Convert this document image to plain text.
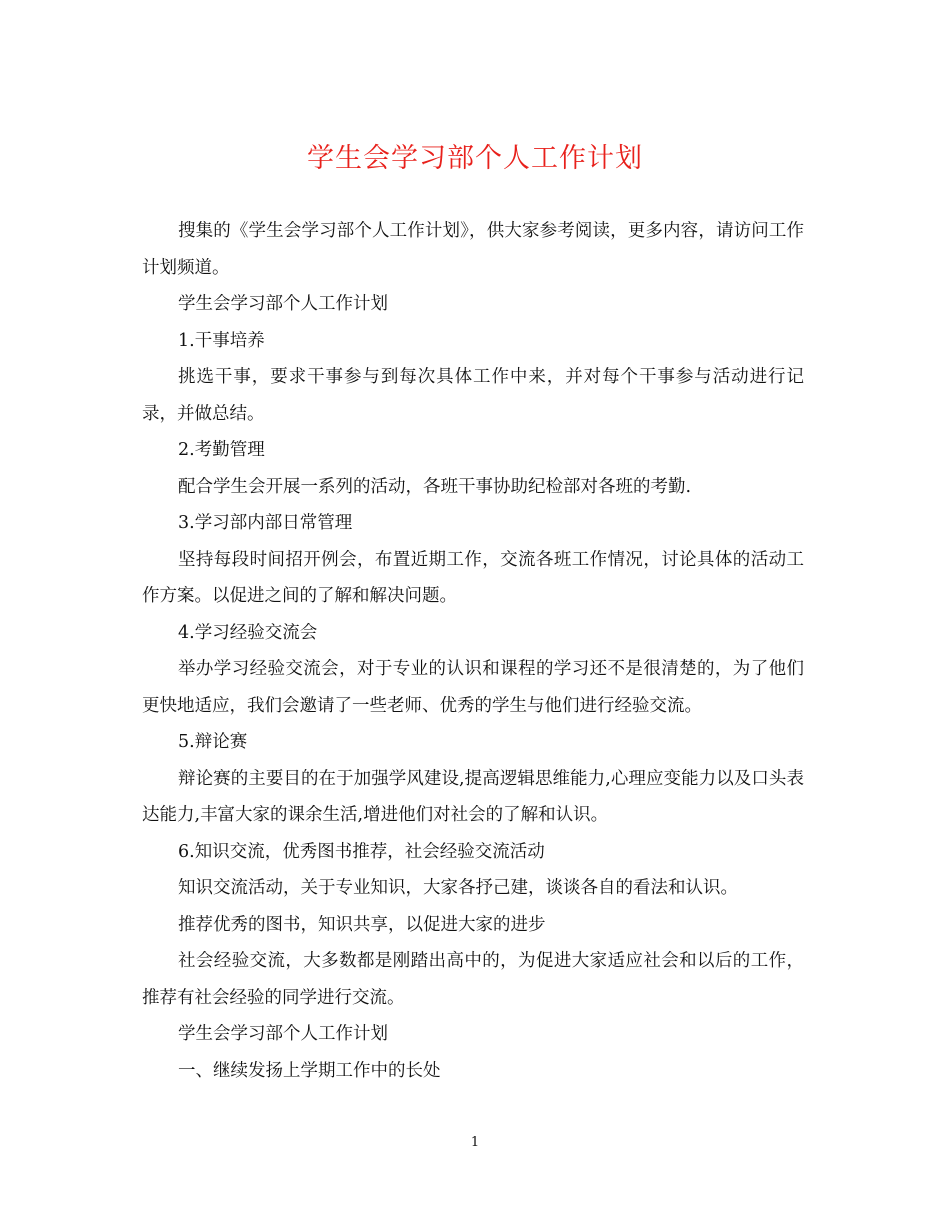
学生会学习部个人工作计划

搜集的《学生会学习部个人工作计划》，供大家参考阅读，更多内容，请访问工作计划频道。

学生会学习部个人工作计划

1.干事培养

挑选干事，要求干事参与到每次具体工作中来，并对每个干事参与活动进行记录，并做总结。

2.考勤管理

配合学生会开展一系列的活动，各班干事协助纪检部对各班的考勤.

3.学习部内部日常管理

坚持每段时间招开例会，布置近期工作，交流各班工作情况，讨论具体的活动工作方案。以促进之间的了解和解决问题。

4.学习经验交流会

举办学习经验交流会，对于专业的认识和课程的学习还不是很清楚的，为了他们更快地适应，我们会邀请了一些老师、优秀的学生与他们进行经验交流。

5.辩论赛

辩论赛的主要目的在于加强学风建设,提高逻辑思维能力,心理应变能力以及口头表达能力,丰富大家的课余生活,增进他们对社会的了解和认识。

6.知识交流，优秀图书推荐，社会经验交流活动

知识交流活动，关于专业知识，大家各抒己建，谈谈各自的看法和认识。

推荐优秀的图书，知识共享，以促进大家的进步

社会经验交流，大多数都是刚踏出高中的，为促进大家适应社会和以后的工作，推荐有社会经验的同学进行交流。

学生会学习部个人工作计划

一、继续发扬上学期工作中的长处

1
